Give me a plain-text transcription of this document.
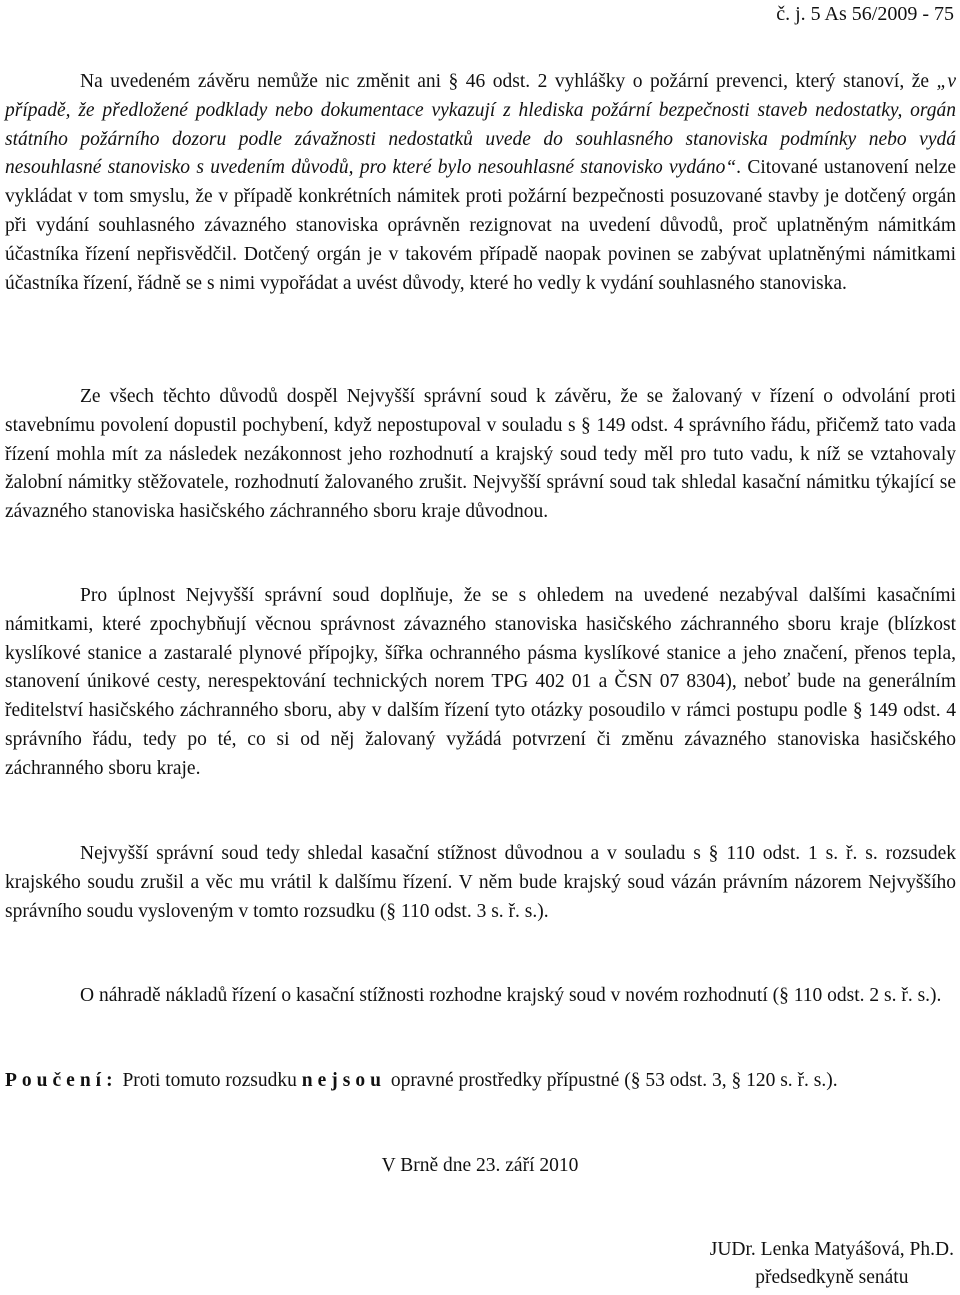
č. j. 5 As 56/2009 - 75

Na uvedeném závěru nemůže nic změnit ani § 46 odst. 2 vyhlášky o požární prevenci, který stanoví, že „v případě, že předložené podklady nebo dokumentace vykazují z hlediska požární bezpečnosti staveb nedostatky, orgán státního požárního dozoru podle závažnosti nedostatků uvede do souhlasného stanoviska podmínky nebo vydá nesouhlasné stanovisko s uvedením důvodů, pro které bylo nesouhlasné stanovisko vydáno“. Citované ustanovení nelze vykládat v tom smyslu, že v případě konkrétních námitek proti požární bezpečnosti posuzované stavby je dotčený orgán při vydání souhlasného závazného stanoviska oprávněn rezignovat na uvedení důvodů, proč uplatněným námitkám účastníka řízení nepřisvědčil. Dotčený orgán je v takovém případě naopak povinen se zabývat uplatněnými námitkami účastníka řízení, řádně se s nimi vypořádat a uvést důvody, které ho vedly k vydání souhlasného stanoviska.

Ze všech těchto důvodů dospěl Nejvyšší správní soud k závěru, že se žalovaný v řízení o odvolání proti stavebnímu povolení dopustil pochybení, když nepostupoval v souladu s § 149 odst. 4 správního řádu, přičemž tato vada řízení mohla mít za následek nezákonnost jeho rozhodnutí a krajský soud tedy měl pro tuto vadu, k níž se vztahovaly žalobní námitky stěžovatele, rozhodnutí žalovaného zrušit. Nejvyšší správní soud tak shledal kasační námitku týkající se závazného stanoviska hasičského záchranného sboru kraje důvodnou.

Pro úplnost Nejvyšší správní soud doplňuje, že se s ohledem na uvedené nezabýval dalšími kasačními námitkami, které zpochybňují věcnou správnost závazného stanoviska hasičského záchranného sboru kraje (blízkost kyslíkové stanice a zastaralé plynové přípojky, šířka ochranného pásma kyslíkové stanice a jeho značení, přenos tepla, stanovení únikové cesty, nerespektování technických norem TPG 402 01 a ČSN 07 8304), neboť bude na generálním ředitelství hasičského záchranného sboru, aby v dalším řízení tyto otázky posoudilo v rámci postupu podle § 149 odst. 4 správního řádu, tedy po té, co si od něj žalovaný vyžádá potvrzení či změnu závazného stanoviska hasičského záchranného sboru kraje.

Nejvyšší správní soud tedy shledal kasační stížnost důvodnou a v souladu s § 110 odst. 1 s. ř. s. rozsudek krajského soudu zrušil a věc mu vrátil k dalšímu řízení. V něm bude krajský soud vázán právním názorem Nejvyššího správního soudu vysloveným v tomto rozsudku (§ 110 odst. 3 s. ř. s.).

O náhradě nákladů řízení o kasační stížnosti rozhodne krajský soud v novém rozhodnutí (§ 110 odst. 2 s. ř. s.).

Poučení: Proti tomuto rozsudku nejsou opravné prostředky přípustné (§ 53 odst. 3, § 120 s. ř. s.).

V Brně dne 23. září 2010
JUDr. Lenka Matyášová, Ph.D.
předsedkyně senátu
